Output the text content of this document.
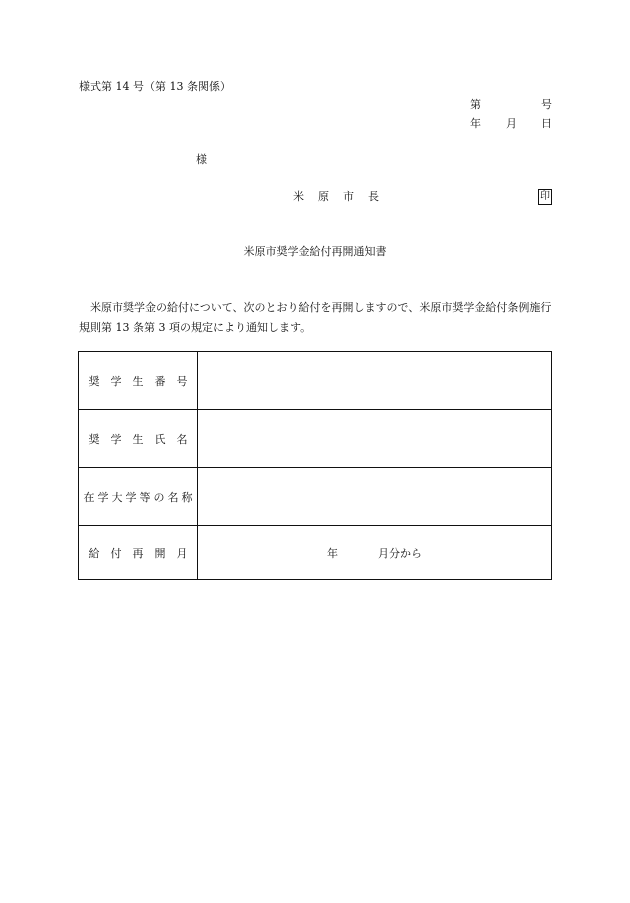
様式第 14 号（第 13 条関係）
第	号
年 月 日
様
米原市長	印
米原市奨学金給付再開通知書
米原市奨学金の給付について、次のとおり給付を再開しますので、米原市奨学金給付条例施行規則第 13 条第 3 項の規定により通知します。
奨学生番号	
奨学生氏名	
在学大学等の名称	
給付再開月	年 月分から
